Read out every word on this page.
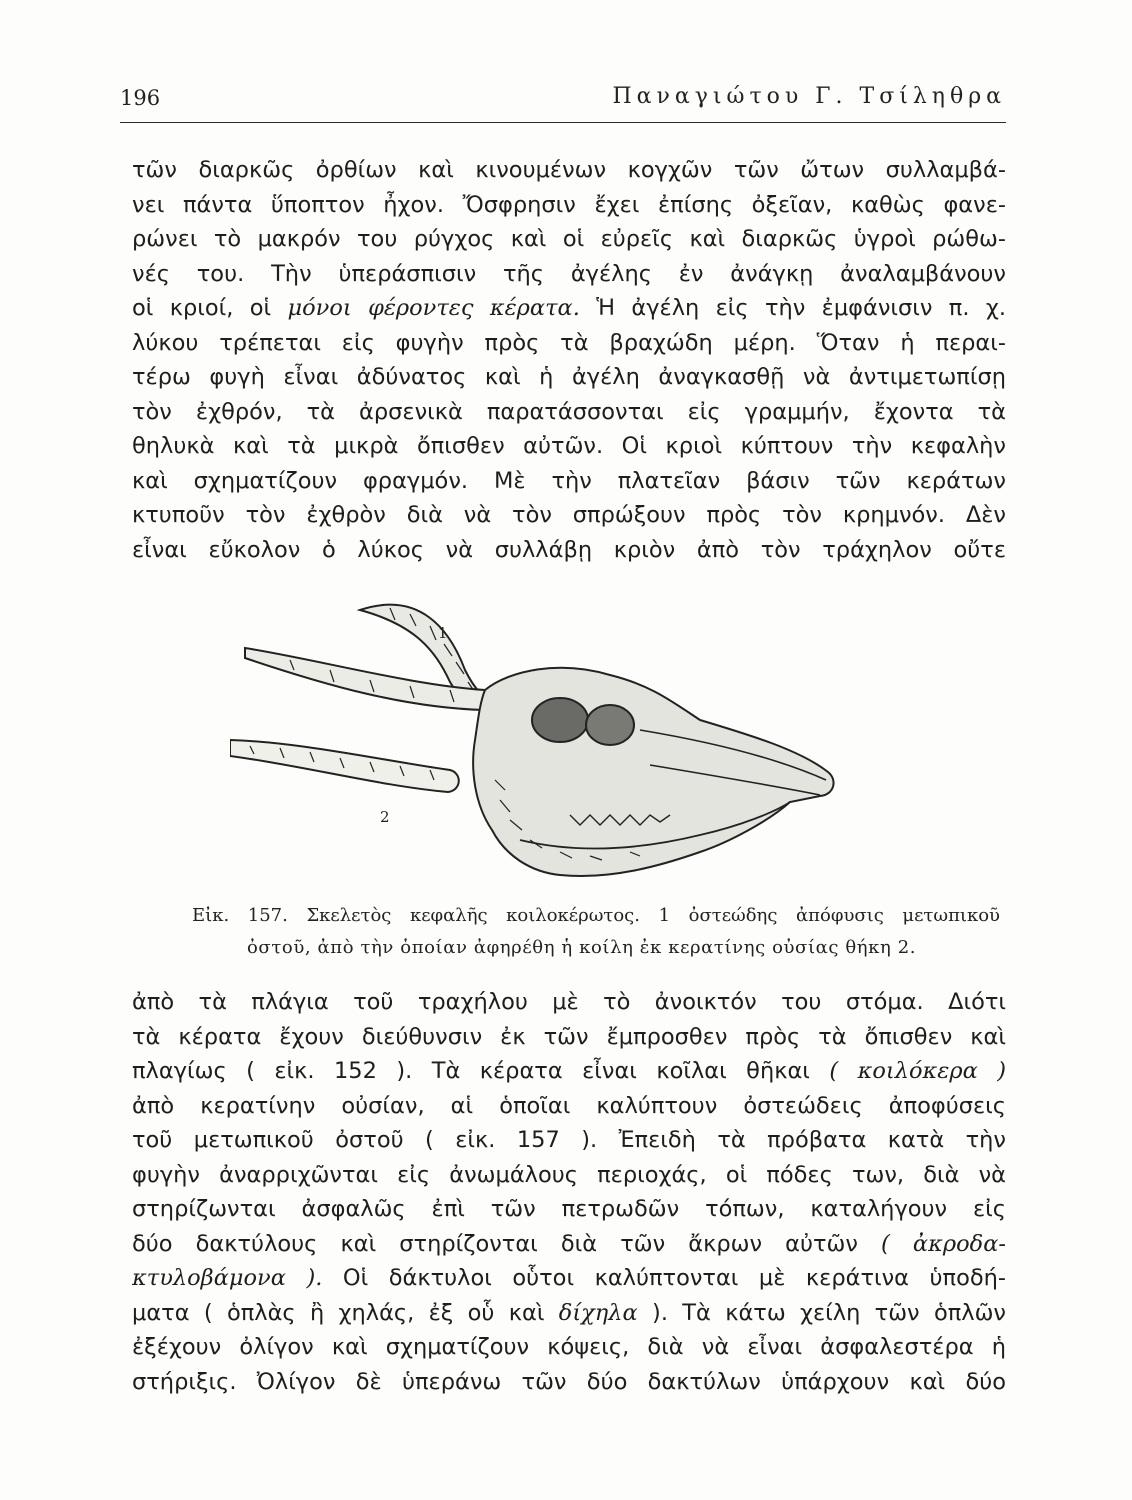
196	Παναγιώτου Γ. Τσίληθρα
τῶν διαρκῶς ὀρθίων καὶ κινουμένων κογχῶν τῶν ὤτων συλλαμβά-
νει πάντα ὕποπτον ἦχον. Ὄσφρησιν ἔχει ἐπίσης ὀξεῖαν, καθὼς φανε-
ρώνει τὸ μακρόν του ρύγχος καὶ οἱ εὐρεῖς καὶ διαρκῶς ὑγροὶ ρώθω-
νές του. Τὴν ὑπεράσπισιν τῆς ἀγέλης ἐν ἀνάγκῃ ἀναλαμβάνουν
οἱ κριοί, οἱ μόνοι φέροντες κέρατα. Ἡ ἀγέλη εἰς τὴν ἐμφάνισιν π. χ.
λύκου τρέπεται εἰς φυγὴν πρὸς τὰ βραχώδη μέρη. Ὅταν ἡ περαι-
τέρω φυγὴ εἶναι ἀδύνατος καὶ ἡ ἀγέλη ἀναγκασθῇ νὰ ἀντιμετωπίσῃ
τὸν ἐχθρόν, τὰ ἀρσενικὰ παρατάσσονται εἰς γραμμήν, ἔχοντα τὰ
θηλυκὰ καὶ τὰ μικρὰ ὄπισθεν αὐτῶν. Οἱ κριοὶ κύπτουν τὴν κεφαλὴν
καὶ σχηματίζουν φραγμόν. Μὲ τὴν πλατεῖαν βάσιν τῶν κεράτων
κτυποῦν τὸν ἐχθρὸν διὰ νὰ τὸν σπρώξουν πρὸς τὸν κρημνόν. Δὲν
εἶναι εὔκολον ὁ λύκος νὰ συλλάβῃ κριὸν ἀπὸ τὸν τράχηλον οὔτε
1
2
Εἰκ. 157. Σκελετὸς κεφαλῆς κοιλοκέρωτος. 1 ὀστεώδης ἀπόφυσις μετωπικοῦ
ὀστοῦ, ἀπὸ τὴν ὁποίαν ἀφηρέθη ἡ κοίλη ἐκ κερατίνης οὐσίας θήκη 2.
ἀπὸ τὰ πλάγια τοῦ τραχήλου μὲ τὸ ἀνοικτόν του στόμα. Διότι
τὰ κέρατα ἔχουν διεύθυνσιν ἐκ τῶν ἔμπροσθεν πρὸς τὰ ὄπισθεν καὶ
πλαγίως ( εἰκ. 152 ). Τὰ κέρατα εἶναι κοῖλαι θῆκαι ( κοιλόκερα )
ἀπὸ κερατίνην οὐσίαν, αἱ ὁποῖαι καλύπτουν ὀστεώδεις ἀποφύσεις
τοῦ μετωπικοῦ ὀστοῦ ( εἰκ. 157 ). Ἐπειδὴ τὰ πρόβατα κατὰ τὴν
φυγὴν ἀναρριχῶνται εἰς ἀνωμάλους περιοχάς, οἱ πόδες των, διὰ νὰ
στηρίζωνται ἀσφαλῶς ἐπὶ τῶν πετρωδῶν τόπων, καταλήγουν εἰς
δύο δακτύλους καὶ στηρίζονται διὰ τῶν ἄκρων αὐτῶν ( ἀκροδα-
κτυλοβάμονα ). Οἱ δάκτυλοι οὗτοι καλύπτονται μὲ κεράτινα ὑποδή-
ματα ( ὁπλὰς ἢ χηλάς, ἐξ οὗ καὶ δίχηλα ). Τὰ κάτω χείλη τῶν ὁπλῶν
ἐξέχουν ὀλίγον καὶ σχηματίζουν κόψεις, διὰ νὰ εἶναι ἀσφαλεστέρα ἡ
στήριξις. Ὀλίγον δὲ ὑπεράνω τῶν δύο δακτύλων ὑπάρχουν καὶ δύο
